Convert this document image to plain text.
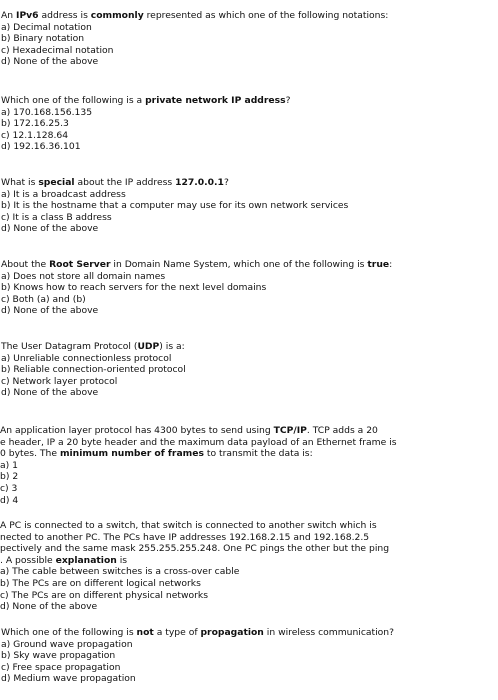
An IPv6 address is commonly represented as which one of the following notations:
a) Decimal notation
b) Binary notation
c) Hexadecimal notation
d) None of the above
Which one of the following is a private network IP address?
a) 170.168.156.135
b) 172.16.25.3
c) 12.1.128.64
d) 192.16.36.101
What is special about the IP address 127.0.0.1?
a) It is a broadcast address
b) It is the hostname that a computer may use for its own network services
c) It is a class B address
d) None of the above
About the Root Server in Domain Name System, which one of the following is true:
a) Does not store all domain names
b) Knows how to reach servers for the next level domains
c) Both (a) and (b)
d) None of the above
The User Datagram Protocol (UDP) is a:
a) Unreliable connectionless protocol
b) Reliable connection-oriented protocol
c) Network layer protocol
d) None of the above
An application layer protocol has 4300 bytes to send using TCP/IP. TCP adds a 20
e header, IP a 20 byte header and the maximum data payload of an Ethernet frame is
0 bytes. The minimum number of frames to transmit the data is:
a) 1
b) 2
c) 3
d) 4
A PC is connected to a switch, that switch is connected to another switch which is
nected to another PC. The PCs have IP addresses 192.168.2.15 and 192.168.2.5
pectively and the same mask 255.255.255.248. One PC pings the other but the ping
. A possible explanation is
a) The cable between switches is a cross-over cable
b) The PCs are on different logical networks
c) The PCs are on different physical networks
d) None of the above
Which one of the following is not a type of propagation in wireless communication?
a) Ground wave propagation
b) Sky wave propagation
c) Free space propagation
d) Medium wave propagation
